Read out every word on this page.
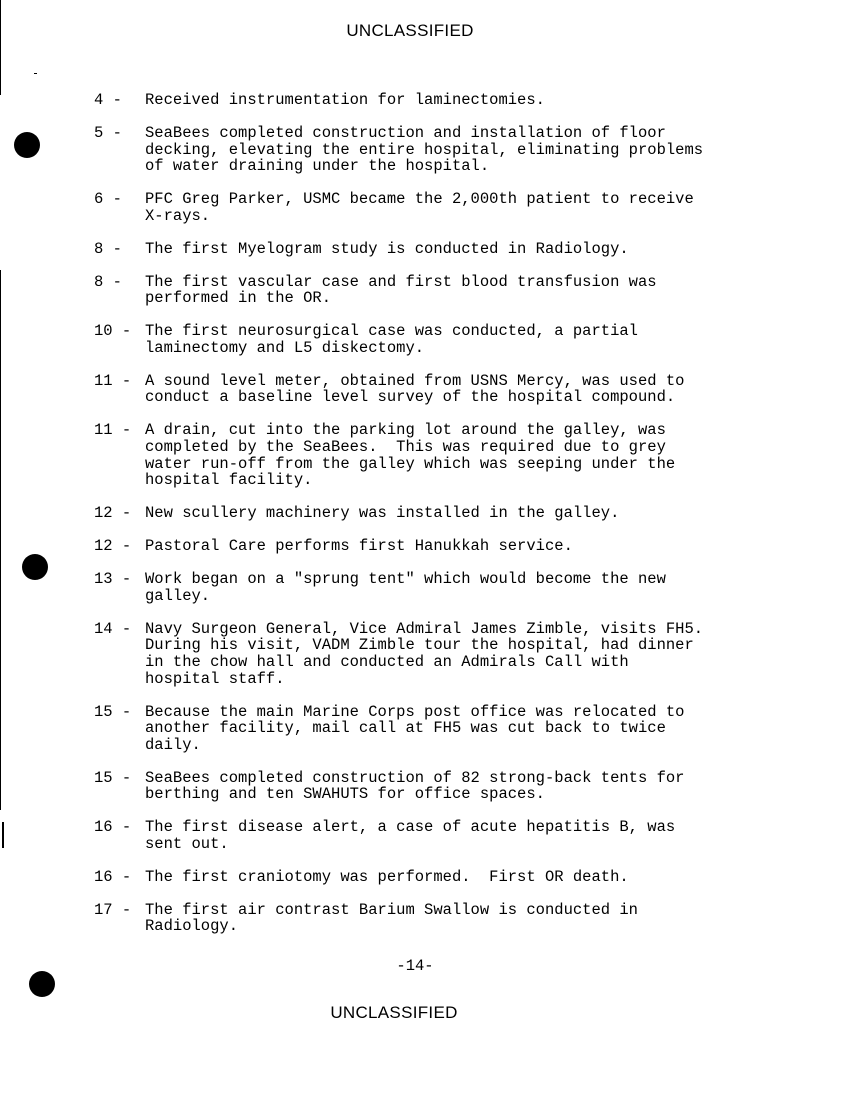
UNCLASSIFIED
4 -	Received instrumentation for laminectomies.
5 -	SeaBees completed construction and installation of floor
decking, elevating the entire hospital, eliminating problems
of water draining under the hospital.
6 -	PFC Greg Parker, USMC became the 2,000th patient to receive
X-rays.
8 -	The first Myelogram study is conducted in Radiology.
8 -	The first vascular case and first blood transfusion was
performed in the OR.
10 - The first neurosurgical case was conducted, a partial
laminectomy and L5 diskectomy.
11 - A sound level meter, obtained from USNS Mercy, was used to
conduct a baseline level survey of the hospital compound.
11 - A drain, cut into the parking lot around the galley, was
completed by the SeaBees.  This was required due to grey
water run-off from the galley which was seeping under the
hospital facility.
12 - New scullery machinery was installed in the galley.
12 - Pastoral Care performs first Hanukkah service.
13 - Work began on a "sprung tent" which would become the new
galley.
14 - Navy Surgeon General, Vice Admiral James Zimble, visits FH5.
During his visit, VADM Zimble tour the hospital, had dinner
in the chow hall and conducted an Admirals Call with
hospital staff.
15 - Because the main Marine Corps post office was relocated to
another facility, mail call at FH5 was cut back to twice
daily.
15 - SeaBees completed construction of 82 strong-back tents for
berthing and ten SWAHUTS for office spaces.
16 - The first disease alert, a case of acute hepatitis B, was
sent out.
16 - The first craniotomy was performed.  First OR death.
17 - The first air contrast Barium Swallow is conducted in
Radiology.
-14-
UNCLASSIFIED
